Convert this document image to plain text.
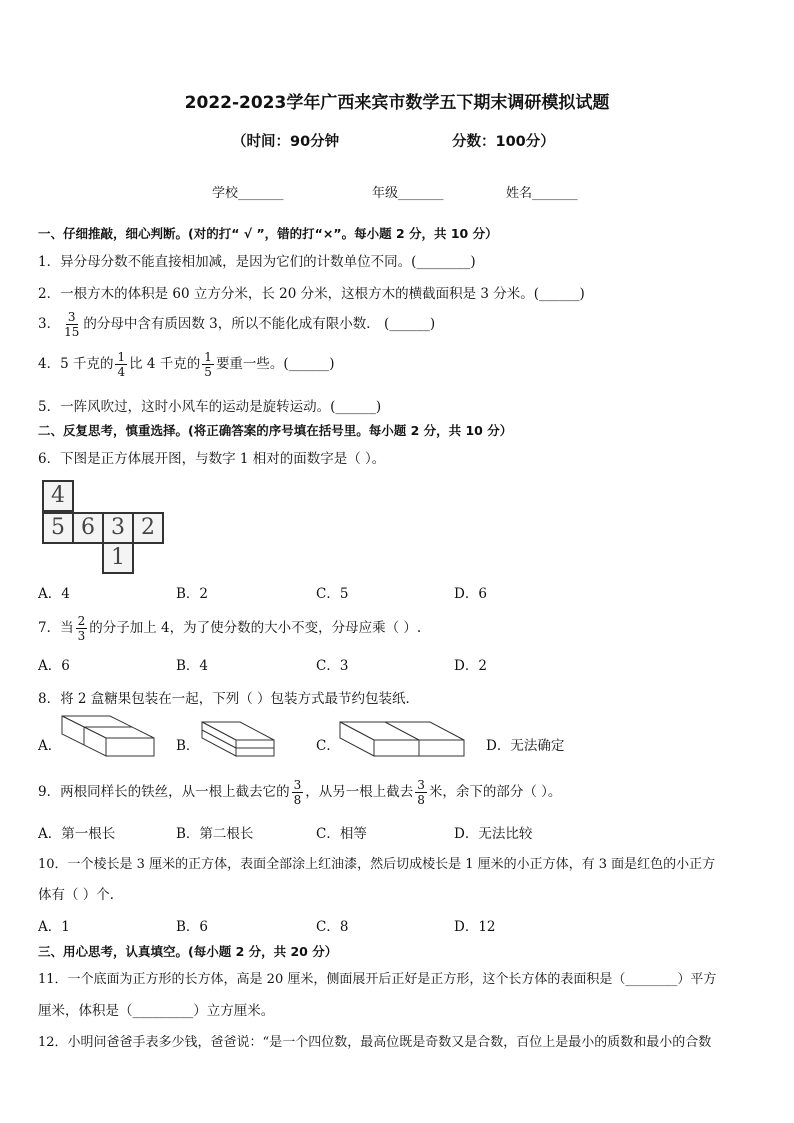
2022-2023学年广西来宾市数学五下期末调研模拟试题
（时间：90分钟	分数：100分）
学校_______	年级_______	姓名_______
一、仔细推敲，细心判断。(对的打“ √ ”，错的打“×”。每小题 2 分，共 10 分）
1．异分母分数不能直接相加减，是因为它们的计数单位不同。(________)
2．一根方木的体积是 60 立方分米，长 20 分米，这根方木的横截面积是 3 分米。(______)
3． $\frac{3}{15}$ 的分母中含有质因数 3，所以不能化成有限小数． (______)
4．5 千克的 $\frac{1}{4}$ 比 4 千克的 $\frac{1}{5}$ 要重一些。(______)
5．一阵风吹过，这时小风车的运动是旋转运动。(______)
二、反复思考，慎重选择。(将正确答案的序号填在括号里。每小题 2 分，共 10 分）
6．下图是正方体展开图，与数字 1 相对的面数字是（ ）。
4
5 6 3 2
1
A．4	B．2	C．5	D．6
7．当 $\frac{2}{3}$ 的分子加上 4，为了使分数的大小不变，分母应乘（ ）.
A．6	B．4	C．3	D．2
8．将 2 盒糖果包装在一起，下列（ ）包装方式最节约包装纸．
A．	B．	C．	D．无法确定
9．两根同样长的铁丝，从一根上截去它的 $\frac{3}{8}$ ，从另一根上截去 $\frac{3}{8}$ 米，余下的部分（ ）。
A．第一根长	B．第二根长	C．相等	D．无法比较
10．一个棱长是 3 厘米的正方体，表面全部涂上红油漆，然后切成棱长是 1 厘米的小正方体，有 3 面是红色的小正方
体有（ ）个．
A．1	B．6	C．8	D．12
三、用心思考，认真填空。(每小题 2 分，共 20 分）
11．一个底面为正方形的长方体，高是 20 厘米，侧面展开后正好是正方形，这个长方体的表面积是（________）平方
厘米，体积是（_________）立方厘米。
12．小明问爸爸手表多少钱，爸爸说：“是一个四位数，最高位既是奇数又是合数，百位上是最小的质数和最小的合数
